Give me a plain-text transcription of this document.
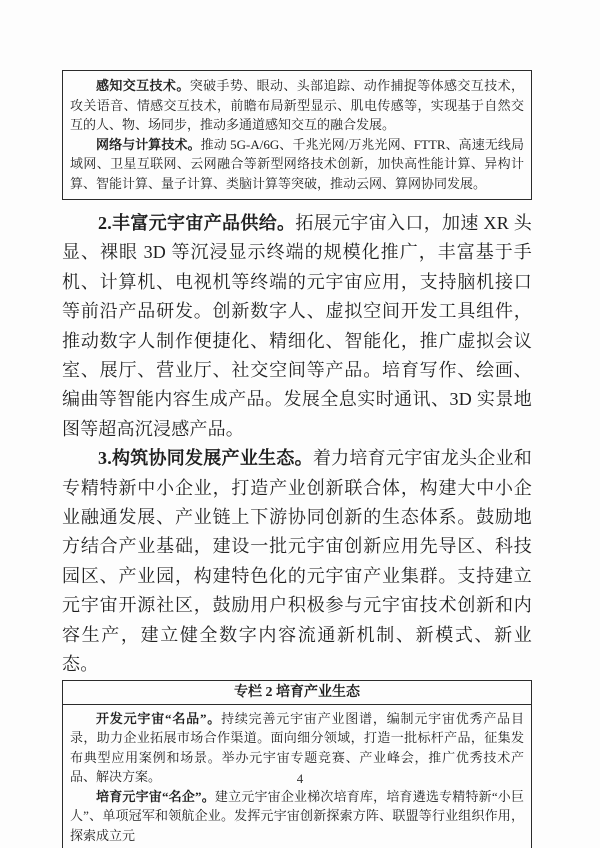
感知交互技术。突破手势、眼动、头部追踪、动作捕捉等体感交互技术，攻关语音、情感交互技术，前瞻布局新型显示、肌电传感等，实现基于自然交互的人、物、场同步，推动多通道感知交互的融合发展。

网络与计算技术。推动 5G-A/6G、千兆光网/万兆光网、FTTR、高速无线局域网、卫星互联网、云网融合等新型网络技术创新，加快高性能计算、异构计算、智能计算、量子计算、类脑计算等突破，推动云网、算网协同发展。

2.丰富元宇宙产品供给。拓展元宇宙入口，加速 XR 头显、裸眼 3D 等沉浸显示终端的规模化推广，丰富基于手机、计算机、电视机等终端的元宇宙应用，支持脑机接口等前沿产品研发。创新数字人、虚拟空间开发工具组件，推动数字人制作便捷化、精细化、智能化，推广虚拟会议室、展厅、营业厅、社交空间等产品。培育写作、绘画、编曲等智能内容生成产品。发展全息实时通讯、3D 实景地图等超高沉浸感产品。

3.构筑协同发展产业生态。着力培育元宇宙龙头企业和专精特新中小企业，打造产业创新联合体，构建大中小企业融通发展、产业链上下游协同创新的生态体系。鼓励地方结合产业基础，建设一批元宇宙创新应用先导区、科技园区、产业园，构建特色化的元宇宙产业集群。支持建立元宇宙开源社区，鼓励用户积极参与元宇宙技术创新和内容生产，建立健全数字内容流通新机制、新模式、新业态。

专栏 2 培育产业生态

开发元宇宙“名品”。持续完善元宇宙产业图谱，编制元宇宙优秀产品目录，助力企业拓展市场合作渠道。面向细分领域，打造一批标杆产品，征集发布典型应用案例和场景。举办元宇宙专题竞赛、产业峰会，推广优秀技术产品、解决方案。

培育元宇宙“名企”。建立元宇宙企业梯次培育库，培育遴选专精特新“小巨人”、单项冠军和领航企业。发挥元宇宙创新探索方阵、联盟等行业组织作用，探索成立元

4
